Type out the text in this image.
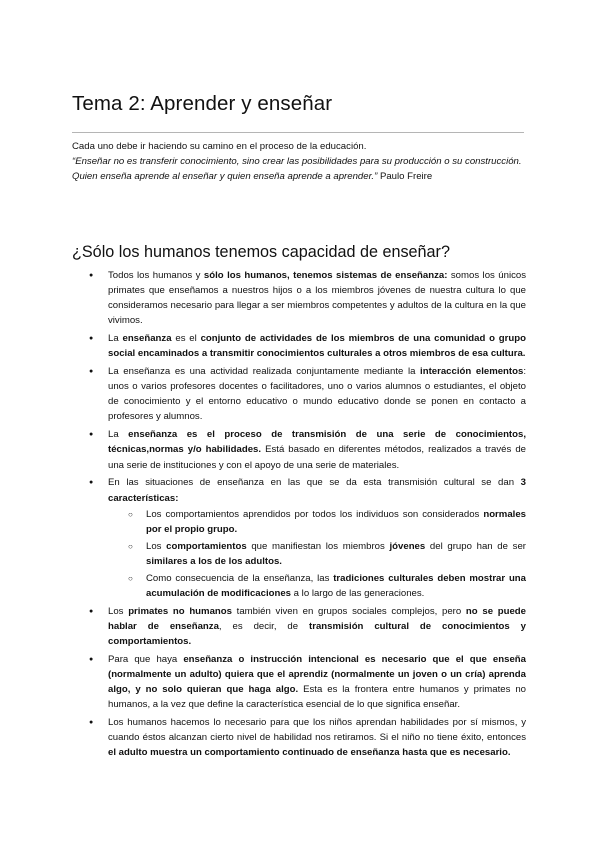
Tema 2: Aprender y enseñar
Cada uno debe ir haciendo su camino en el proceso de la educación.
“Enseñar no es transferir conocimiento, sino crear las posibilidades para su producción o su construcción. Quien enseña aprende al enseñar y quien enseña aprende a aprender.” Paulo Freire
¿Sólo los humanos tenemos capacidad de enseñar?
● Todos los humanos y sólo los humanos, tenemos sistemas de enseñanza: somos los únicos primates que enseñamos a nuestros hijos o a los miembros jóvenes de nuestra cultura lo que consideramos necesario para llegar a ser miembros competentes y adultos de la cultura en la que vivimos.
● La enseñanza es el conjunto de actividades de los miembros de una comunidad o grupo social encaminados a transmitir conocimientos culturales a otros miembros de esa cultura.
● La enseñanza es una actividad realizada conjuntamente mediante la interacción elementos: unos o varios profesores docentes o facilitadores, uno o varios alumnos o estudiantes, el objeto de conocimiento y el entorno educativo o mundo educativo donde se ponen en contacto a profesores y alumnos.
● La enseñanza es el proceso de transmisión de una serie de conocimientos, técnicas,normas y/o habilidades. Está basado en diferentes métodos, realizados a través de una serie de instituciones y con el apoyo de una serie de materiales.
● En las situaciones de enseñanza en las que se da esta transmisión cultural se dan 3 características:
○ Los comportamientos aprendidos por todos los individuos son considerados normales por el propio grupo.
○ Los comportamientos que manifiestan los miembros jóvenes del grupo han de ser similares a los de los adultos.
○ Como consecuencia de la enseñanza, las tradiciones culturales deben mostrar una acumulación de modificaciones a lo largo de las generaciones.
● Los primates no humanos también viven en grupos sociales complejos, pero no se puede hablar de enseñanza, es decir, de transmisión cultural de conocimientos y comportamientos.
● Para que haya enseñanza o instrucción intencional es necesario que el que enseña (normalmente un adulto) quiera que el aprendiz (normalmente un joven o un cría) aprenda algo, y no solo quieran que haga algo. Esta es la frontera entre humanos y primates no humanos, a la vez que define la característica esencial de lo que significa enseñar.
● Los humanos hacemos lo necesario para que los niños aprendan habilidades por sí mismos, y cuando éstos alcanzan cierto nivel de habilidad nos retiramos. Si el niño no tiene éxito, entonces el adulto muestra un comportamiento continuado de enseñanza hasta que es necesario.
